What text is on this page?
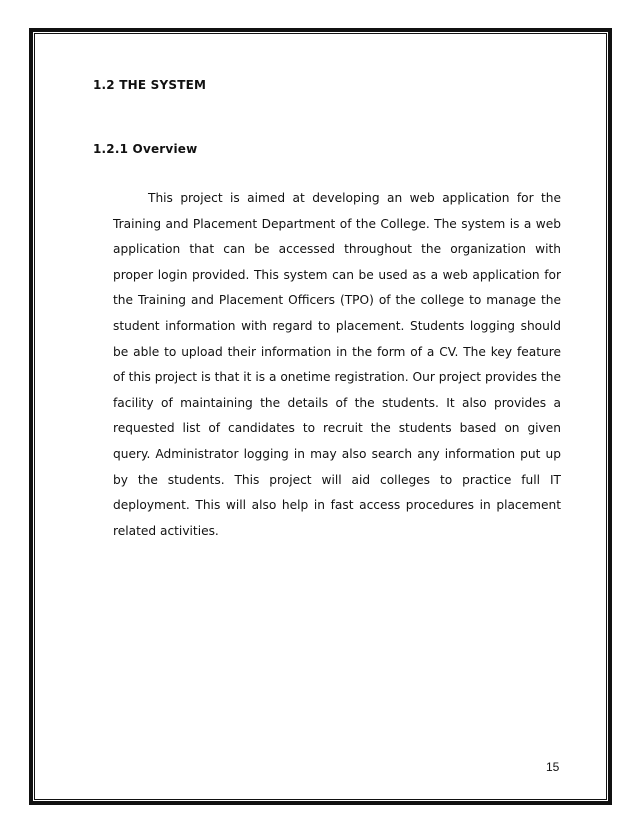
1.2 THE SYSTEM
1.2.1 Overview

This project is aimed at developing an web application for the Training and Placement Department of the College. The system is a web application that can be accessed throughout the organization with proper login provided. This system can be used as a web application for the Training and Placement Officers (TPO) of the college to manage the student information with regard to placement. Students logging should be able to upload their information in the form of a CV. The key feature of this project is that it is a onetime registration. Our project provides the facility of maintaining the details of the students. It also provides a requested list of candidates to recruit the students based on given query. Administrator logging in may also search any information put up by the students. This project will aid colleges to practice full IT deployment. This will also help in fast access procedures in placement related activities.

15
